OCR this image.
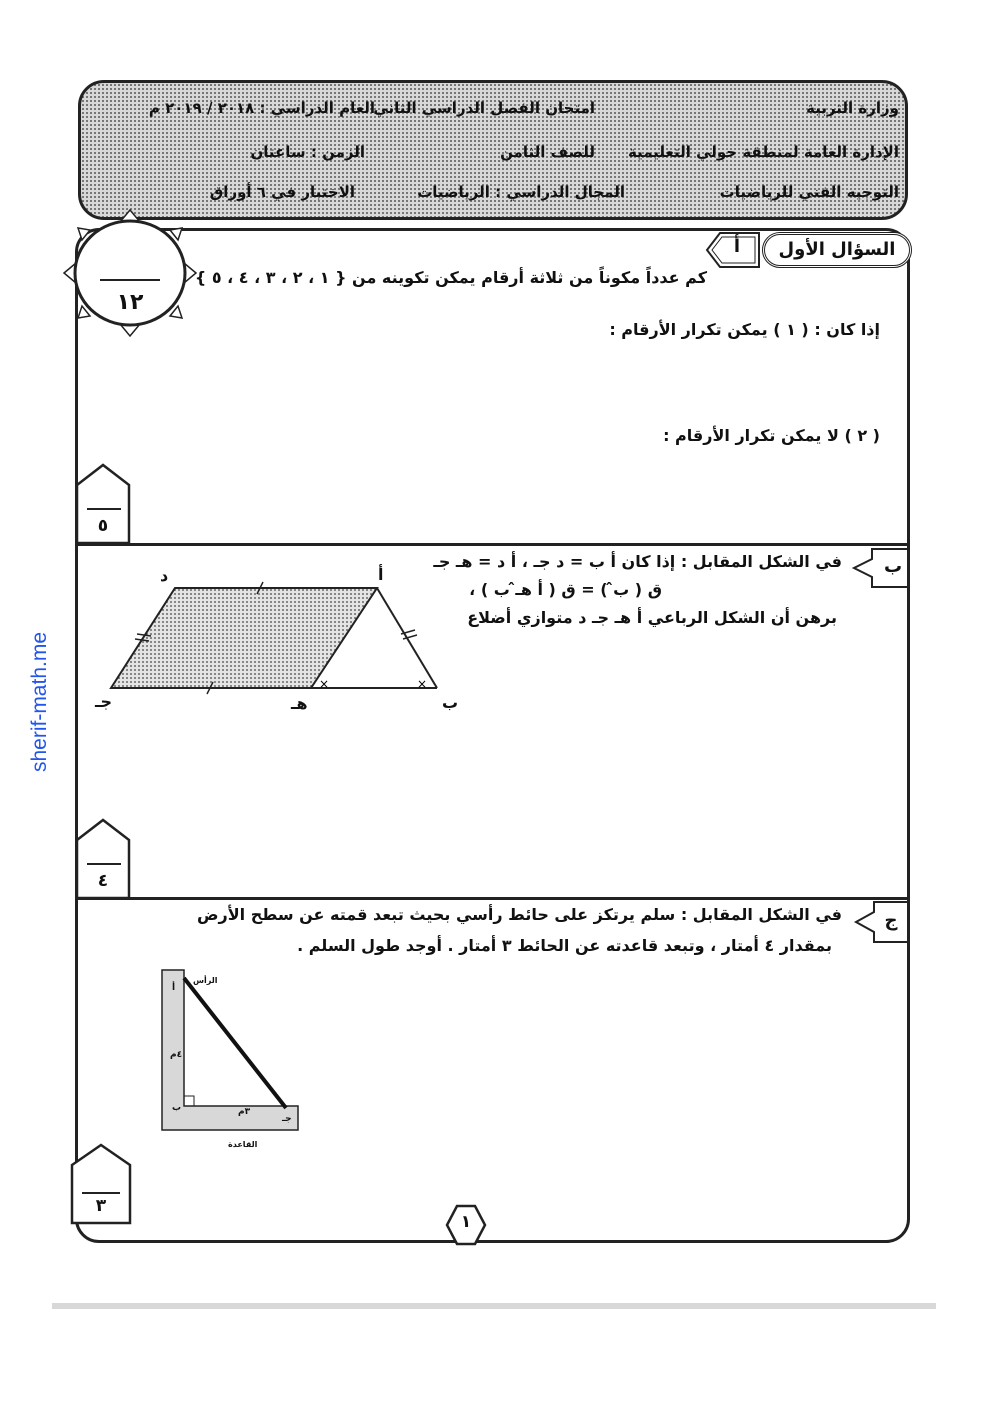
sherif-math.me
وزارة التربية
امتحان الفصل الدراسي الثاني
العام الدراسي : ٢٠١٨ / ٢٠١٩ م
الإدارة العامة لمنطقة حولي التعليمية
للصف الثامن
الزمن : ساعتان
التوجيه الفني للرياضيات
المجال الدراسي : الرياضيات
الاختبار في ٦ أوراق
السؤال الأول
١٢
أ
كم عدداً مكوناً من ثلاثة أرقام يمكن تكوينه من { ١ ، ٢ ، ٣ ، ٤ ، ٥ }
إذا كان : ( ١ ) يمكن تكرار الأرقام :
( ٢ ) لا يمكن تكرار الأرقام :
٥
ب
في الشكل المقابل : إذا كان أ ب = د جـ ، أ د = هـ جـ
ق ( ب̂ ) = ق ( أ هـ̂ ب ) ،
برهن أن الشكل الرباعي أ هـ جـ د متوازي أضلاع
×	×
د	أ
جـ	هـ	ب
٤
ج
في الشكل المقابل : سلم يرتكز على حائط رأسي بحيث تبعد قمته عن سطح الأرض
بمقدار ٤ أمتار ، وتبعد قاعدته عن الحائط ٣ أمتار . أوجد طول السلم .
الرأس
أ
٤م
ب	٣م
جـ
القاعدة
٣
١
